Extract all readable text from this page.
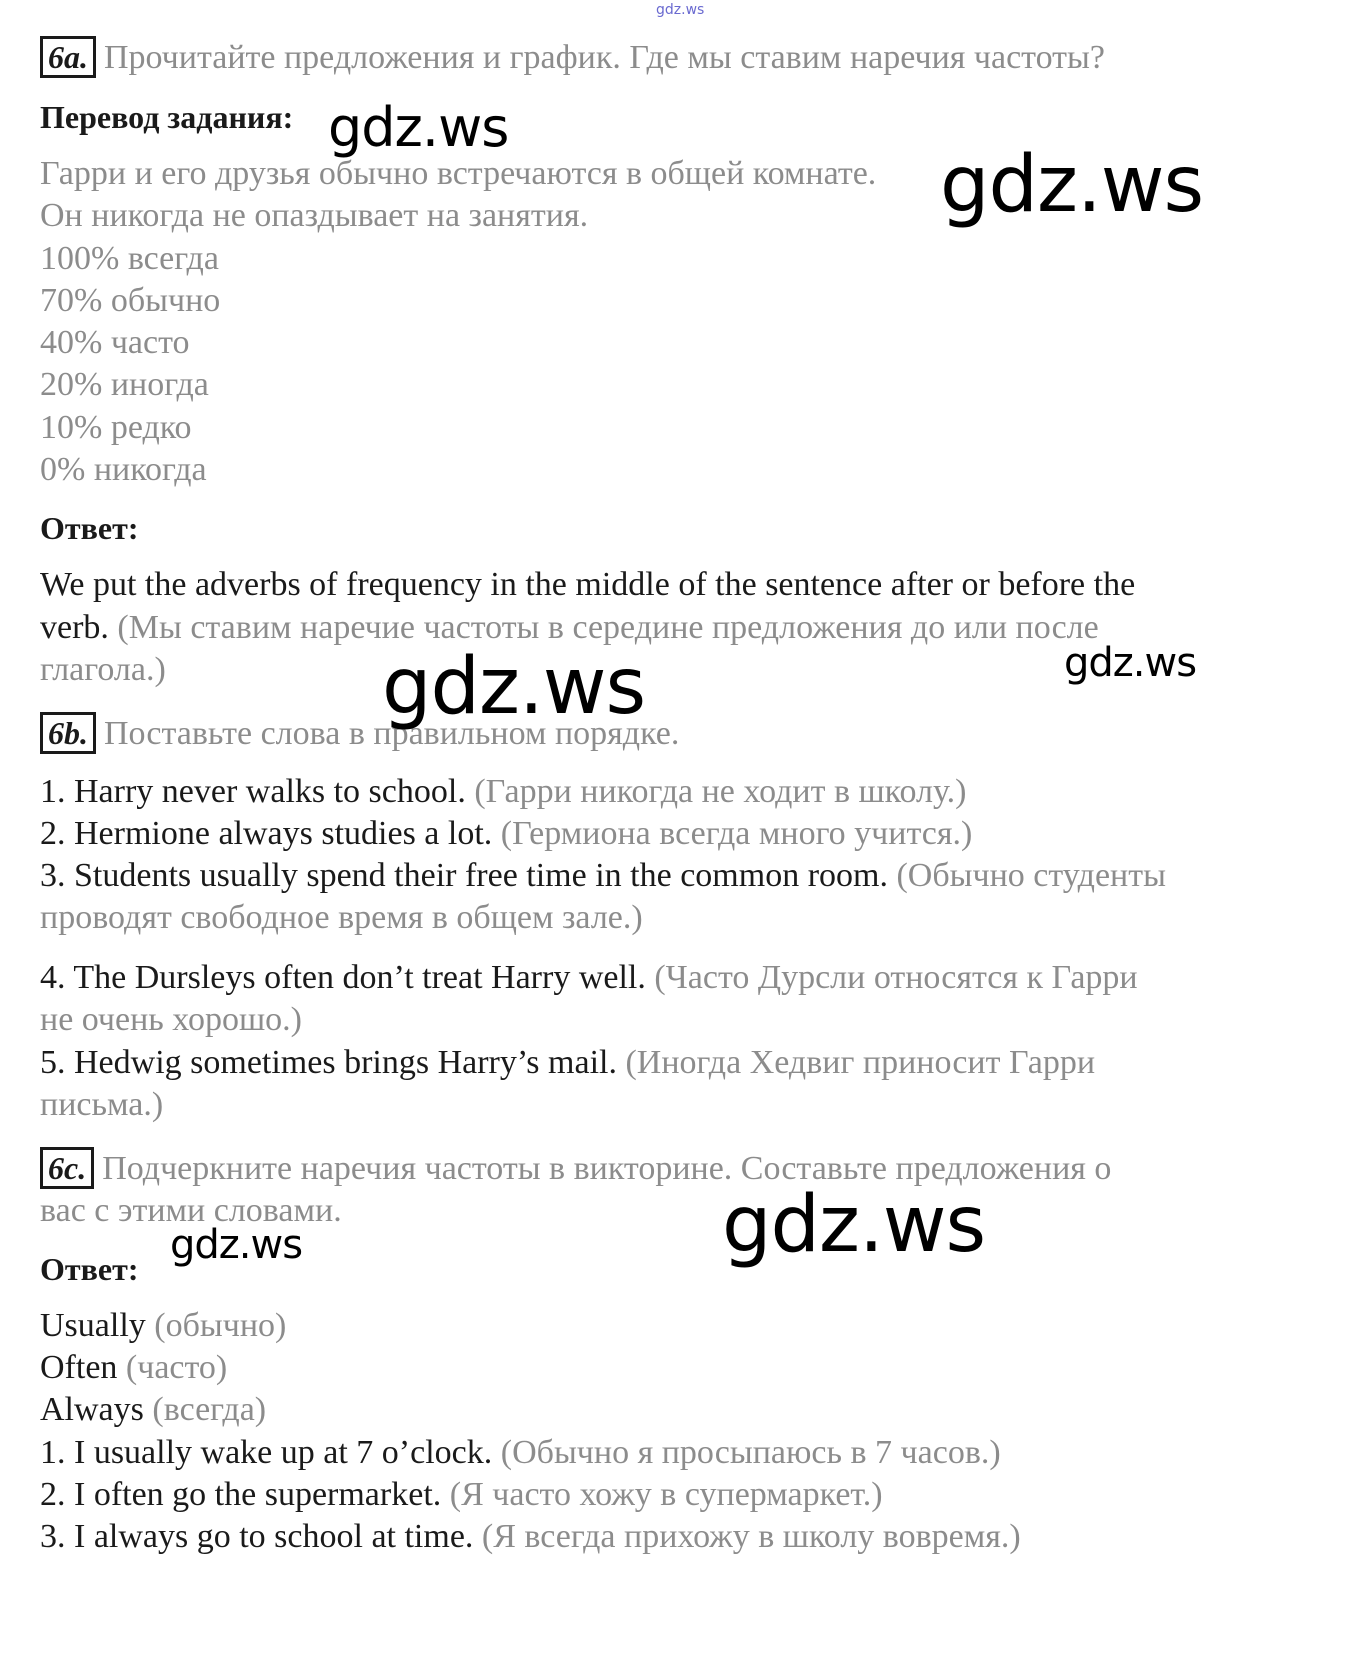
gdz.ws
6a. Прочитайте предложения и график. Где мы ставим наречия частоты?
Перевод задания:
Гарри и его друзья обычно встречаются в общей комнате.
Он никогда не опаздывает на занятия.
100% всегда
70% обычно
40% часто
20% иногда
10% редко
0% никогда
Ответ:
We put the adverbs of frequency in the middle of the sentence after or before the
verb. (Мы ставим наречие частоты в середине предложения до или после
глагола.)
6b. Поставьте слова в правильном порядке.
1. Harry never walks to school. (Гарри никогда не ходит в школу.)
2. Hermione always studies a lot. (Гермиона всегда много учится.)
3. Students usually spend their free time in the common room. (Обычно студенты
проводят свободное время в общем зале.)
4. The Dursleys often don’t treat Harry well. (Часто Дурсли относятся к Гарри
не очень хорошо.)
5. Hedwig sometimes brings Harry’s mail. (Иногда Хедвиг приносит Гарри
письма.)
6c. Подчеркните наречия частоты в викторине. Составьте предложения о
вас с этими словами.
Ответ:
Usually (обычно)
Often (часто)
Always (всегда)
1. I usually wake up at 7 o’clock. (Обычно я просыпаюсь в 7 часов.)
2. I often go the supermarket. (Я часто хожу в супермаркет.)
3. I always go to school at time. (Я всегда прихожу в школу вовремя.)
gdz.ws
gdz.ws
gdz.ws	gdz.ws
gdz.ws
gdz.ws
